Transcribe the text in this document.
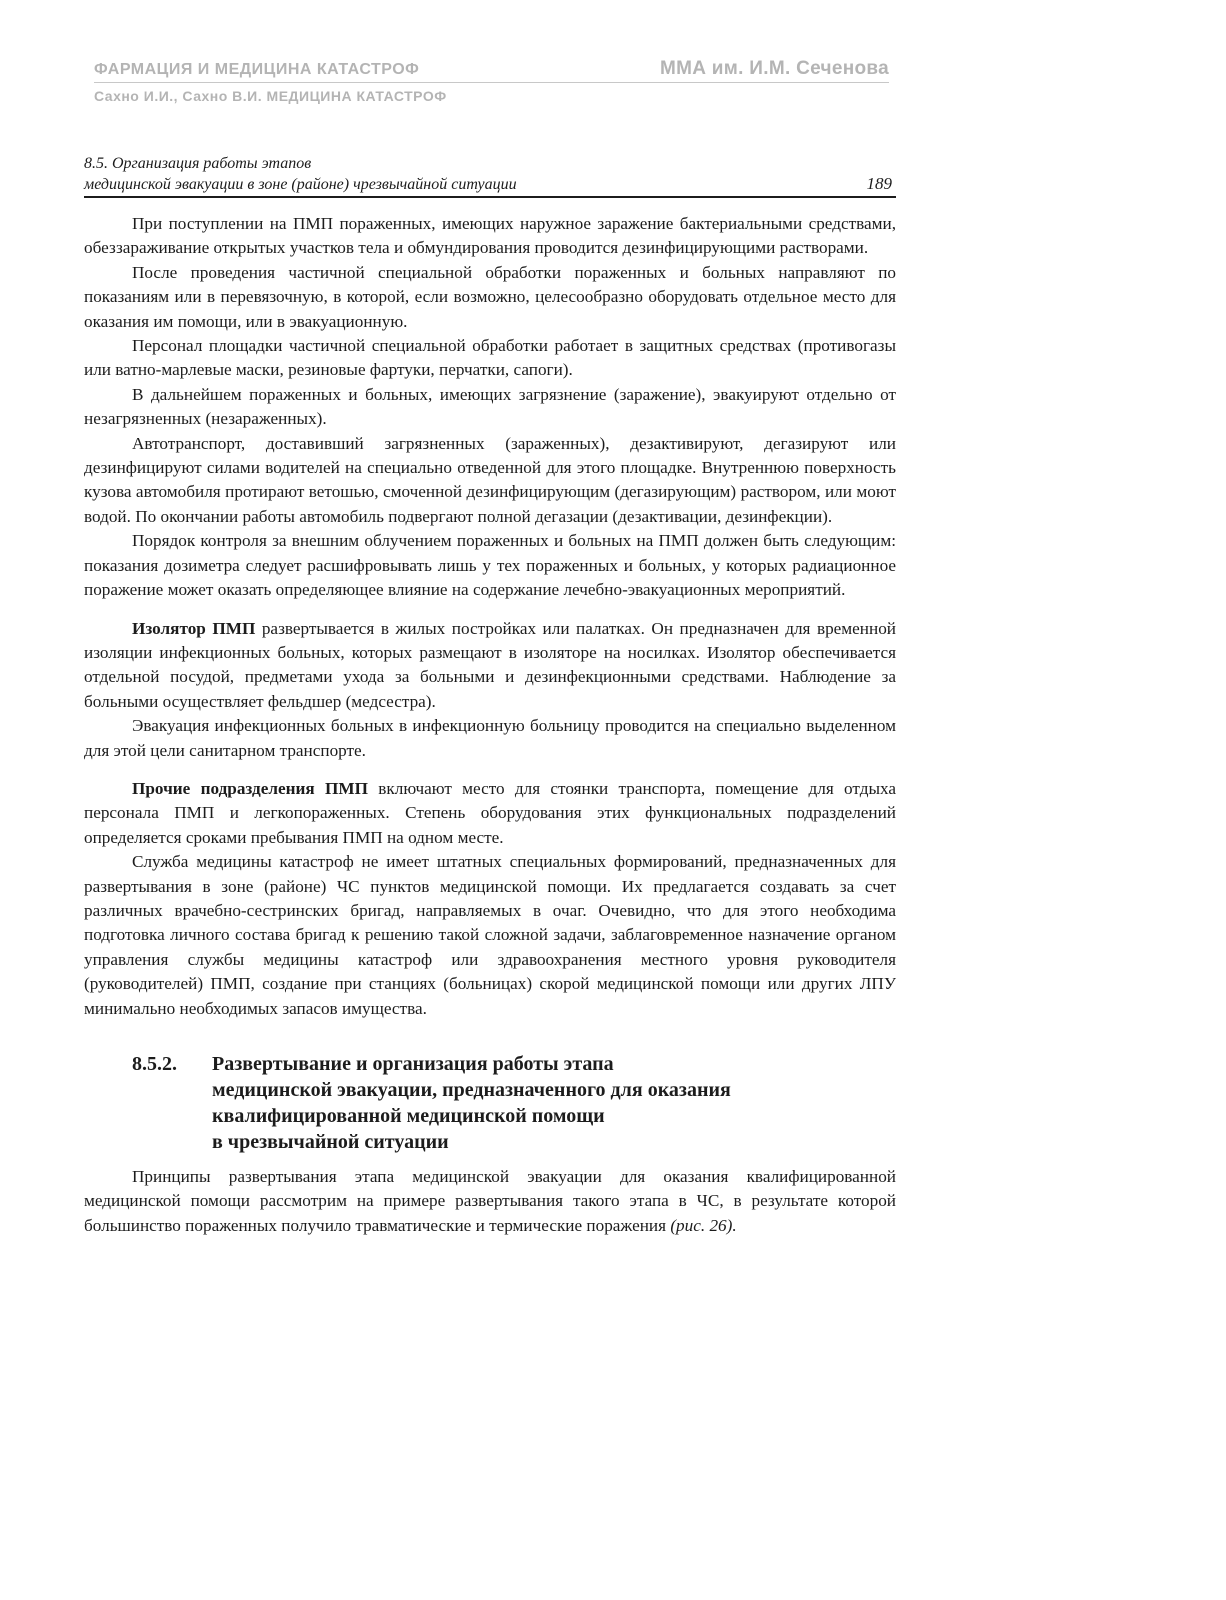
ФАРМАЦИЯ И МЕДИЦИНА КАТАСТРОФ	ММА им. И.М. Сеченова
Сахно И.И., Сахно В.И. МЕДИЦИНА КАТАСТРОФ
8.5. Организация работы этапов
медицинской эвакуации в зоне (районе) чрезвычайной ситуации	189

При поступлении на ПМП пораженных, имеющих наружное заражение бактериальными средствами, обеззараживание открытых участков тела и обмундирования проводится дезинфицирующими растворами.

После проведения частичной специальной обработки пораженных и больных направляют по показаниям или в перевязочную, в которой, если возможно, целесообразно оборудовать отдельное место для оказания им помощи, или в эвакуационную.

Персонал площадки частичной специальной обработки работает в защитных средствах (противогазы или ватно-марлевые маски, резиновые фартуки, перчатки, сапоги).

В дальнейшем пораженных и больных, имеющих загрязнение (заражение), эвакуируют отдельно от незагрязненных (незараженных).

Автотранспорт, доставивший загрязненных (зараженных), дезактивируют, дегазируют или дезинфицируют силами водителей на специально отведенной для этого площадке. Внутреннюю поверхность кузова автомобиля протирают ветошью, смоченной дезинфицирующим (дегазирующим) раствором, или моют водой. По окончании работы автомобиль подвергают полной дегазации (дезактивации, дезинфекции).

Порядок контроля за внешним облучением пораженных и больных на ПМП должен быть следующим: показания дозиметра следует расшифровывать лишь у тех пораженных и больных, у которых радиационное поражение может оказать определяющее влияние на содержание лечебно-эвакуационных мероприятий.

Изолятор ПМП развертывается в жилых постройках или палатках. Он предназначен для временной изоляции инфекционных больных, которых размещают в изоляторе на носилках. Изолятор обеспечивается отдельной посудой, предметами ухода за больными и дезинфекционными средствами. Наблюдение за больными осуществляет фельдшер (медсестра).

Эвакуация инфекционных больных в инфекционную больницу проводится на специально выделенном для этой цели санитарном транспорте.

Прочие подразделения ПМП включают место для стоянки транспорта, помещение для отдыха персонала ПМП и легкопораженных. Степень оборудования этих функциональных подразделений определяется сроками пребывания ПМП на одном месте.

Служба медицины катастроф не имеет штатных специальных формирований, предназначенных для развертывания в зоне (районе) ЧС пунктов медицинской помощи. Их предлагается создавать за счет различных врачебно-сестринских бригад, направляемых в очаг. Очевидно, что для этого необходима подготовка личного состава бригад к решению такой сложной задачи, заблаговременное назначение органом управления службы медицины катастроф или здравоохранения местного уровня руководителя (руководителей) ПМП, создание при станциях (больницах) скорой медицинской помощи или других ЛПУ минимально необходимых запасов имущества.

8.5.2.	Развертывание и организация работы этапа
медицинской эвакуации, предназначенного для оказания
квалифицированной медицинской помощи
в чрезвычайной ситуации

Принципы развертывания этапа медицинской эвакуации для оказания квалифицированной медицинской помощи рассмотрим на примере развертывания такого этапа в ЧС, в результате которой большинство пораженных получило травматические и термические поражения (рис. 26).
